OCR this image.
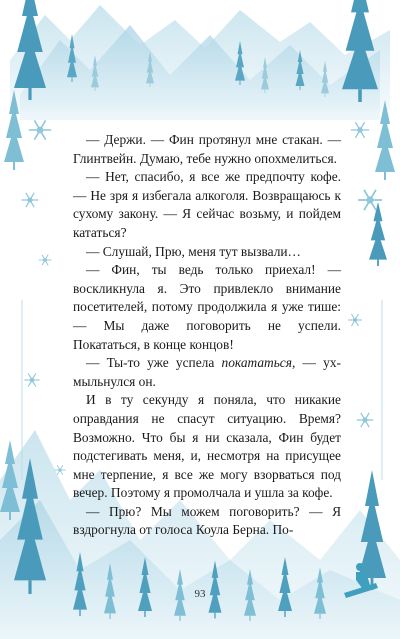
— Держи. — Фин протянул мне стакан. — Глинтвейн. Думаю, тебе нужно опохмелиться.

— Нет, спасибо, я все же предпочту кофе. — Не зря я избегала алкоголя. Возвращаюсь к сухому закону. — Я сейчас возьму, и пойдем кататься?

— Слушай, Прю, меня тут вызвали…

— Фин, ты ведь только приехал! — воскликнула я. Это привлекло внимание посетителей, потому продолжила я уже тише: — Мы даже поговорить не успели. Покататься, в конце концов!

— Ты-то уже успела покататься, — ухмыльнулся он.

И в ту секунду я поняла, что никакие оправдания не спасут ситуацию. Время? Возможно. Что бы я ни сказала, Фин будет подстегивать меня, и, несмотря на присущее мне терпение, я все же могу взорваться под вечер. Поэтому я промолчала и ушла за кофе.

— Прю? Мы можем поговорить? — Я вздрогнула от голоса Коула Берна. По-

93
